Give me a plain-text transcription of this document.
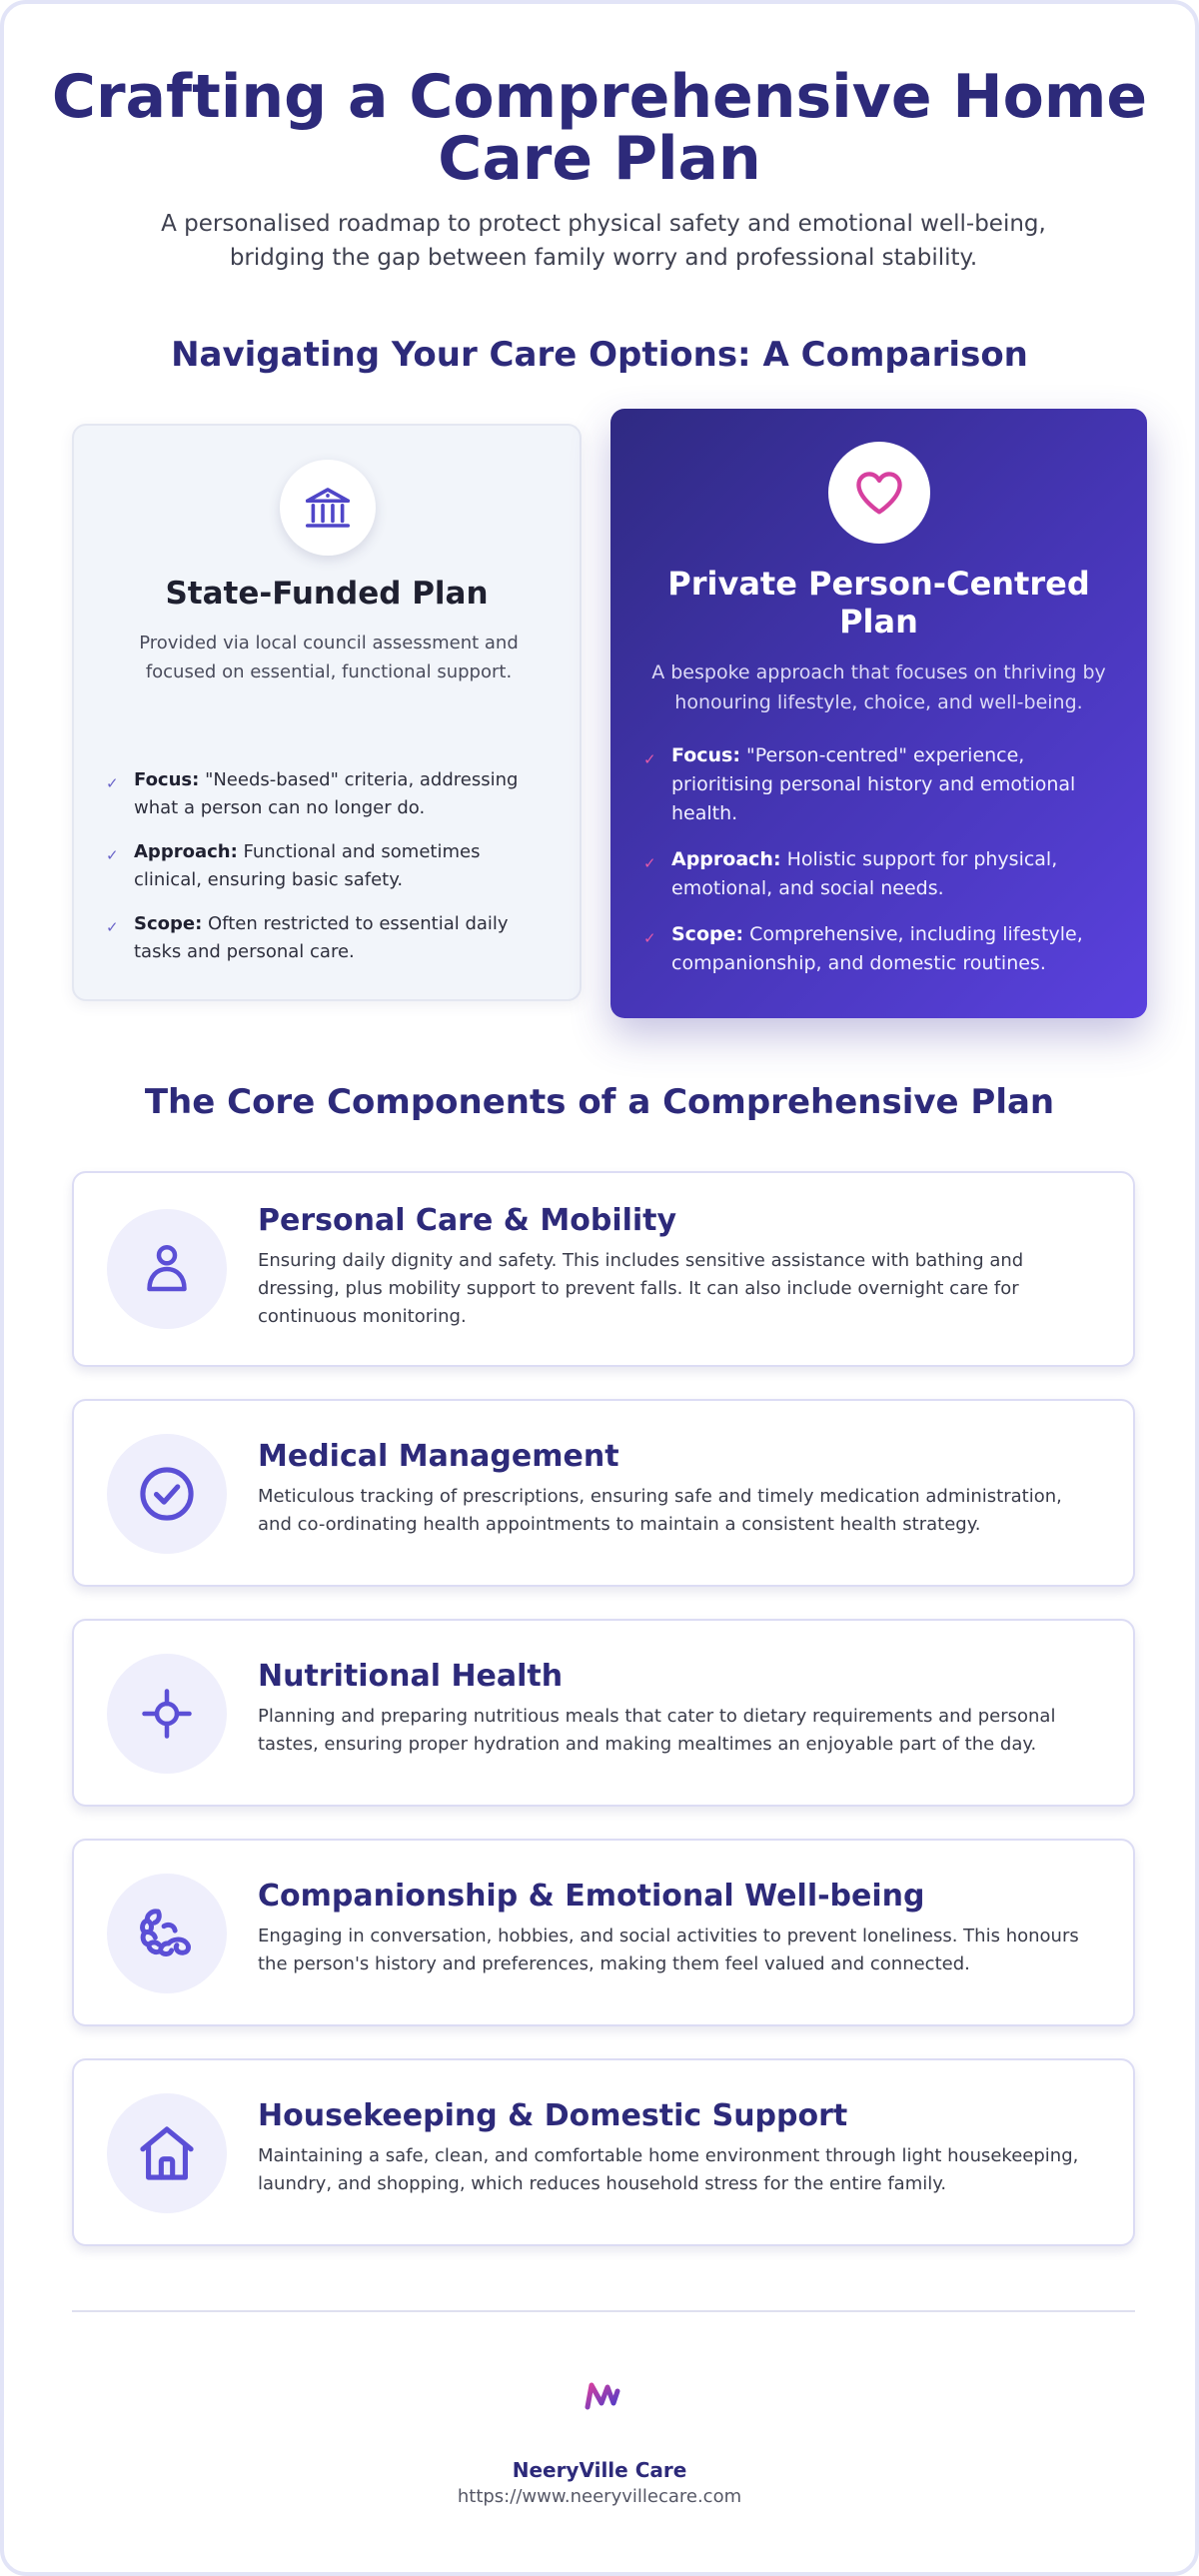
Crafting a Comprehensive Home
Care Plan

A personalised roadmap to protect physical safety and emotional well-being, bridging the gap between family worry and professional stability.

Navigating Your Care Options: A Comparison
State-Funded Plan

Provided via local council assessment and focused on essential, functional support.

✓ Focus: "Needs-based" criteria, addressing what a person can no longer do.
✓ Approach: Functional and sometimes clinical, ensuring basic safety.
✓ Scope: Often restricted to essential daily tasks and personal care.
Private Person-Centred Plan

A bespoke approach that focuses on thriving by honouring lifestyle, choice, and well-being.

✓ Focus: "Person-centred" experience, prioritising personal history and emotional health.
✓ Approach: Holistic support for physical, emotional, and social needs.
✓ Scope: Comprehensive, including lifestyle, companionship, and domestic routines.
The Core Components of a Comprehensive Plan
Personal Care & Mobility

Ensuring daily dignity and safety. This includes sensitive assistance with bathing and dressing, plus mobility support to prevent falls. It can also include overnight care for continuous monitoring.

Medical Management

Meticulous tracking of prescriptions, ensuring safe and timely medication administration, and co-ordinating health appointments to maintain a consistent health strategy.

Nutritional Health

Planning and preparing nutritious meals that cater to dietary requirements and personal tastes, ensuring proper hydration and making mealtimes an enjoyable part of the day.

Companionship & Emotional Well-being

Engaging in conversation, hobbies, and social activities to prevent loneliness. This honours the person's history and preferences, making them feel valued and connected.

Housekeeping & Domestic Support

Maintaining a safe, clean, and comfortable home environment through light housekeeping, laundry, and shopping, which reduces household stress for the entire family.

NeeryVille Care

https://www.neeryvillecare.com
